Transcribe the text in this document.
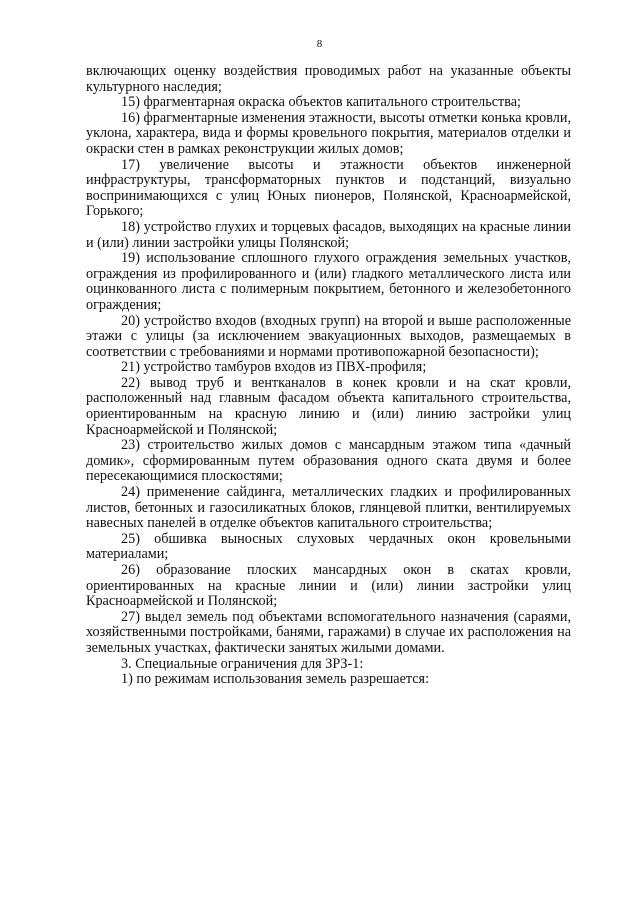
8

включающих оценку воздействия проводимых работ на указанные объекты культурного наследия;

15) фрагментарная окраска объектов капитального строительства;

16) фрагментарные изменения этажности, высоты отметки конька кровли, уклона, характера, вида и формы кровельного покрытия, материалов отделки и окраски стен в рамках реконструкции жилых домов;

17) увеличение высоты и этажности объектов инженерной инфраструктуры, трансформаторных пунктов и подстанций, визуально воспринимающихся с улиц Юных пионеров, Полянской, Красноармейской, Горького;

18) устройство глухих и торцевых фасадов, выходящих на красные линии и (или) линии застройки улицы Полянской;

19) использование сплошного глухого ограждения земельных участков, ограждения из профилированного и (или) гладкого металлического листа или оцинкованного листа с полимерным покрытием, бетонного и железобетонного ограждения;

20) устройство входов (входных групп) на второй и выше расположенные этажи с улицы (за исключением эвакуационных выходов, размещаемых в соответствии с требованиями и нормами противопожарной безопасности);

21) устройство тамбуров входов из ПВХ-профиля;

22) вывод труб и вентканалов в конек кровли и на скат кровли, расположенный над главным фасадом объекта капитального строительства, ориентированным на красную линию и (или) линию застройки улиц Красноармейской и Полянской;

23) строительство жилых домов с мансардным этажом типа «дачный домик», сформированным путем образования одного ската двумя и более пересекающимися плоскостями;

24) применение сайдинга, металлических гладких и профилированных листов, бетонных и газосиликатных блоков, глянцевой плитки, вентилируемых навесных панелей в отделке объектов капитального строительства;

25) обшивка выносных слуховых чердачных окон кровельными материалами;

26) образование плоских мансардных окон в скатах кровли, ориентированных на красные линии и (или) линии застройки улиц Красноармейской и Полянской;

27) выдел земель под объектами вспомогательного назначения (сараями, хозяйственными постройками, банями, гаражами) в случае их расположения на земельных участках, фактически занятых жилыми домами.

3. Специальные ограничения для ЗРЗ-1:

1) по режимам использования земель разрешается:
